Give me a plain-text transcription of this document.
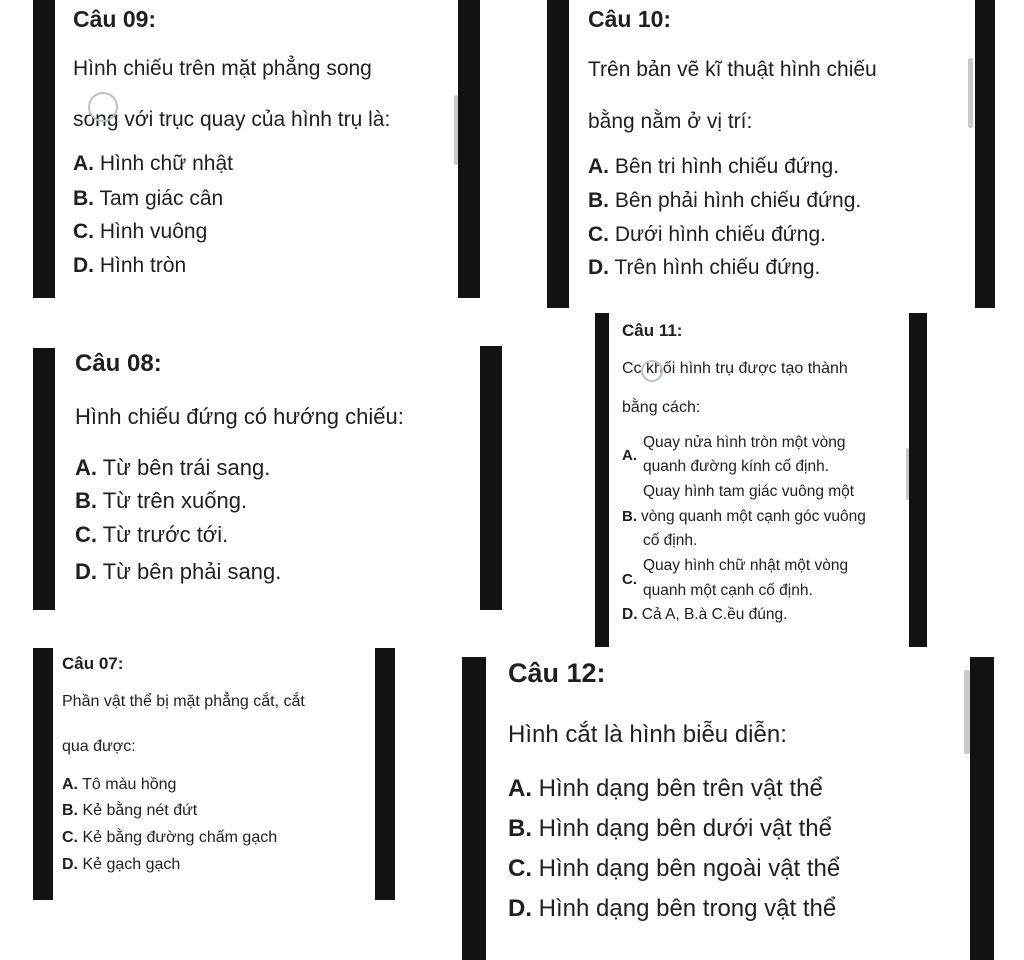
Câu 09:
Hình chiếu trên mặt phẳng song
song với trục quay của hình trụ là:
A. Hình chữ nhật
B. Tam giác cân
C. Hình vuông
D. Hình tròn
Câu 10:
Trên bản vẽ kĩ thuật hình chiếu
bằng nằm ở vị trí:
A. Bên tri hình chiếu đứng.
B. Bên phải hình chiếu đứng.
C. Dưới hình chiếu đứng.
D. Trên hình chiếu đứng.
Câu 08:
Hình chiếu đứng có hướng chiếu:
A. Từ bên trái sang.
B. Từ trên xuống.
C. Từ trước tới.
D. Từ bên phải sang.
Câu 11:
Cc khối hình trụ được tạo thành
bằng cách:
A.
Quay nửa hình tròn một vòng
quanh đường kính cố định.
Quay hình tam giác vuông một
B. vòng quanh một cạnh góc vuông
cố định.
C.
Quay hình chữ nhật một vòng
quanh một cạnh cố định.
D. Cả A, B.à C.ều đúng.
Câu 07:
Phần vật thể bị mặt phẳng cắt, cắt
qua được:
A. Tô màu hồng
B. Kẻ bằng nét đứt
C. Kẻ bằng đường chấm gạch
D. Kẻ gạch gạch
Câu 12:
Hình cắt là hình biễu diễn:
A. Hình dạng bên trên vật thể
B. Hình dạng bên dưới vật thể
C. Hình dạng bên ngoài vật thể
D. Hình dạng bên trong vật thể
